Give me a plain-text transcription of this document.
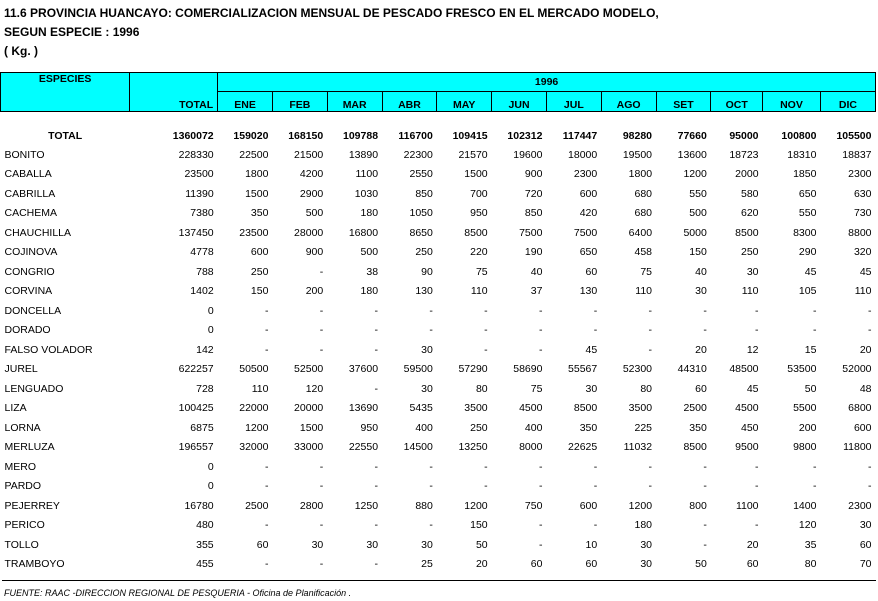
11.6 PROVINCIA HUANCAYO: COMERCIALIZACION MENSUAL DE PESCADO FRESCO EN EL MERCADO MODELO,
SEGUN ESPECIE : 1996
( Kg. )
ESPECIES	TOTAL	1996											
		ENE	FEB	MAR	ABR	MAY	JUN	JUL	AGO	SET	OCT	NOV	DIC

TOTAL	1360072	159020	168150	109788	116700	109415	102312	117447	98280	77660	95000	100800	105500
BONITO	228330	22500	21500	13890	22300	21570	19600	18000	19500	13600	18723	18310	18837
CABALLA	23500	1800	4200	1100	2550	1500	900	2300	1800	1200	2000	1850	2300
CABRILLA	11390	1500	2900	1030	850	700	720	600	680	550	580	650	630
CACHEMA	7380	350	500	180	1050	950	850	420	680	500	620	550	730
CHAUCHILLA	137450	23500	28000	16800	8650	8500	7500	7500	6400	5000	8500	8300	8800
COJINOVA	4778	600	900	500	250	220	190	650	458	150	250	290	320
CONGRIO	788	250	-	38	90	75	40	60	75	40	30	45	45
CORVINA	1402	150	200	180	130	110	37	130	110	30	110	105	110
DONCELLA	0	-	-	-	-	-	-	-	-	-	-	-	-
DORADO	0	-	-	-	-	-	-	-	-	-	-	-	-
FALSO VOLADOR	142	-	-	-	30	-	-	45	-	20	12	15	20
JUREL	622257	50500	52500	37600	59500	57290	58690	55567	52300	44310	48500	53500	52000
LENGUADO	728	110	120	-	30	80	75	30	80	60	45	50	48
LIZA	100425	22000	20000	13690	5435	3500	4500	8500	3500	2500	4500	5500	6800
LORNA	6875	1200	1500	950	400	250	400	350	225	350	450	200	600
MERLUZA	196557	32000	33000	22550	14500	13250	8000	22625	11032	8500	9500	9800	11800
MERO	0	-	-	-	-	-	-	-	-	-	-	-	-
PARDO	0	-	-	-	-	-	-	-	-	-	-	-	-
PEJERREY	16780	2500	2800	1250	880	1200	750	600	1200	800	1100	1400	2300
PERICO	480	-	-	-	-	150	-	-	180	-	-	120	30
TOLLO	355	60	30	30	30	50	-	10	30	-	20	35	60
TRAMBOYO	455	-	-	-	25	20	60	60	30	50	60	80	70
FUENTE: RAAC -DIRECCION REGIONAL DE PESQUERIA - Oficina de Planificación .
